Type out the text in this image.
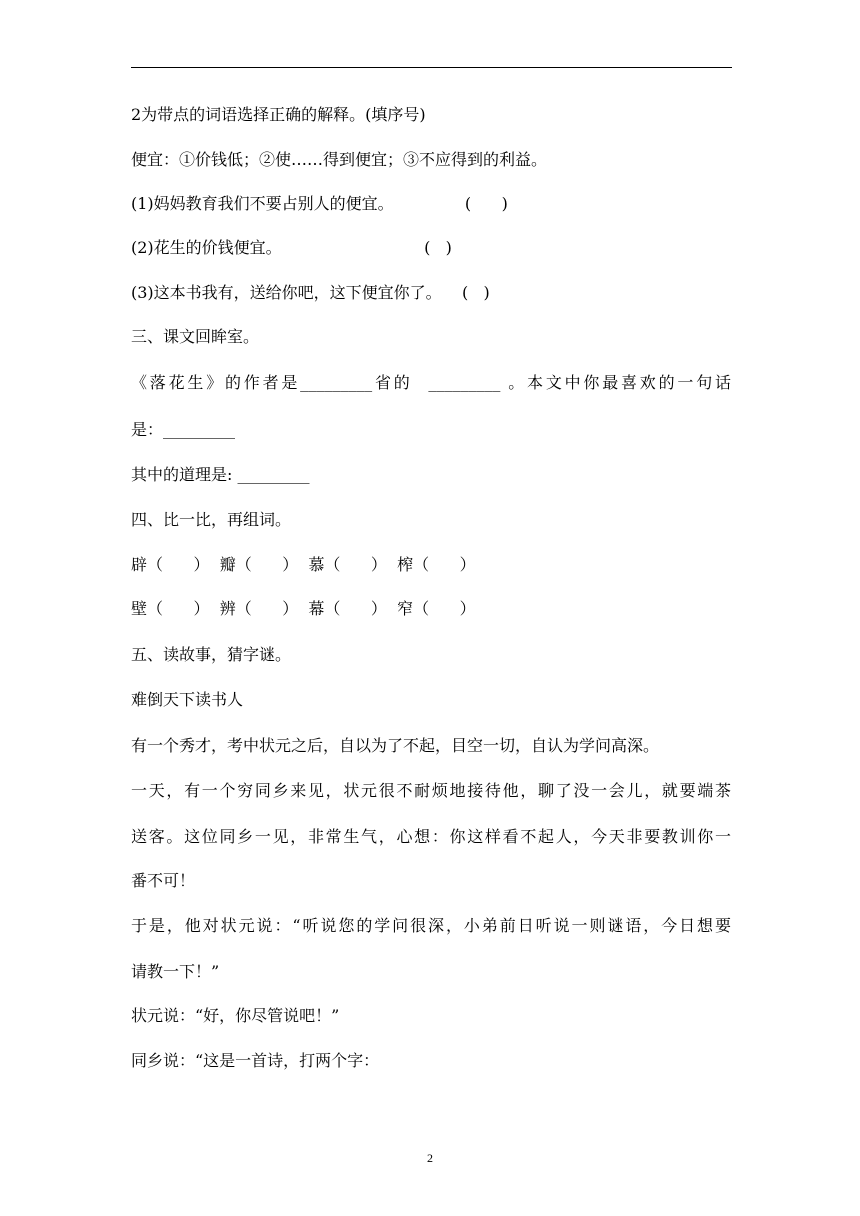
2为带点的词语选择正确的解释。(填序号)
便宜：①价钱低；②使……得到便宜；③不应得到的利益。
(1)妈妈教育我们不要占别人的便宜。              (      )
(2)花生的价钱便宜。                            (   )
(3)这本书我有，送给你吧，这下便宜你了。    (   )
三、课文回眸室。
《落花生》的作者是_________省的  _________ 。本文中你最喜欢的一句话
是：_________
其中的道理是: _________
四、比一比，再组词。
辟（      ）  瓣（      ）  慕（      ）  榨（      ）
壁（      ）  辨（      ）  幕（      ）  窄（      ）
五、读故事，猜字谜。
难倒天下读书人
有一个秀才，考中状元之后，自以为了不起，目空一切，自认为学问高深。
一天，有一个穷同乡来见，状元很不耐烦地接待他，聊了没一会儿，就要端茶
送客。这位同乡一见，非常生气，心想：你这样看不起人，今天非要教训你一
番不可！
于是，他对状元说：“听说您的学问很深，小弟前日听说一则谜语，今日想要
请教一下！”
状元说：“好，你尽管说吧！”
同乡说：“这是一首诗，打两个字：
2
